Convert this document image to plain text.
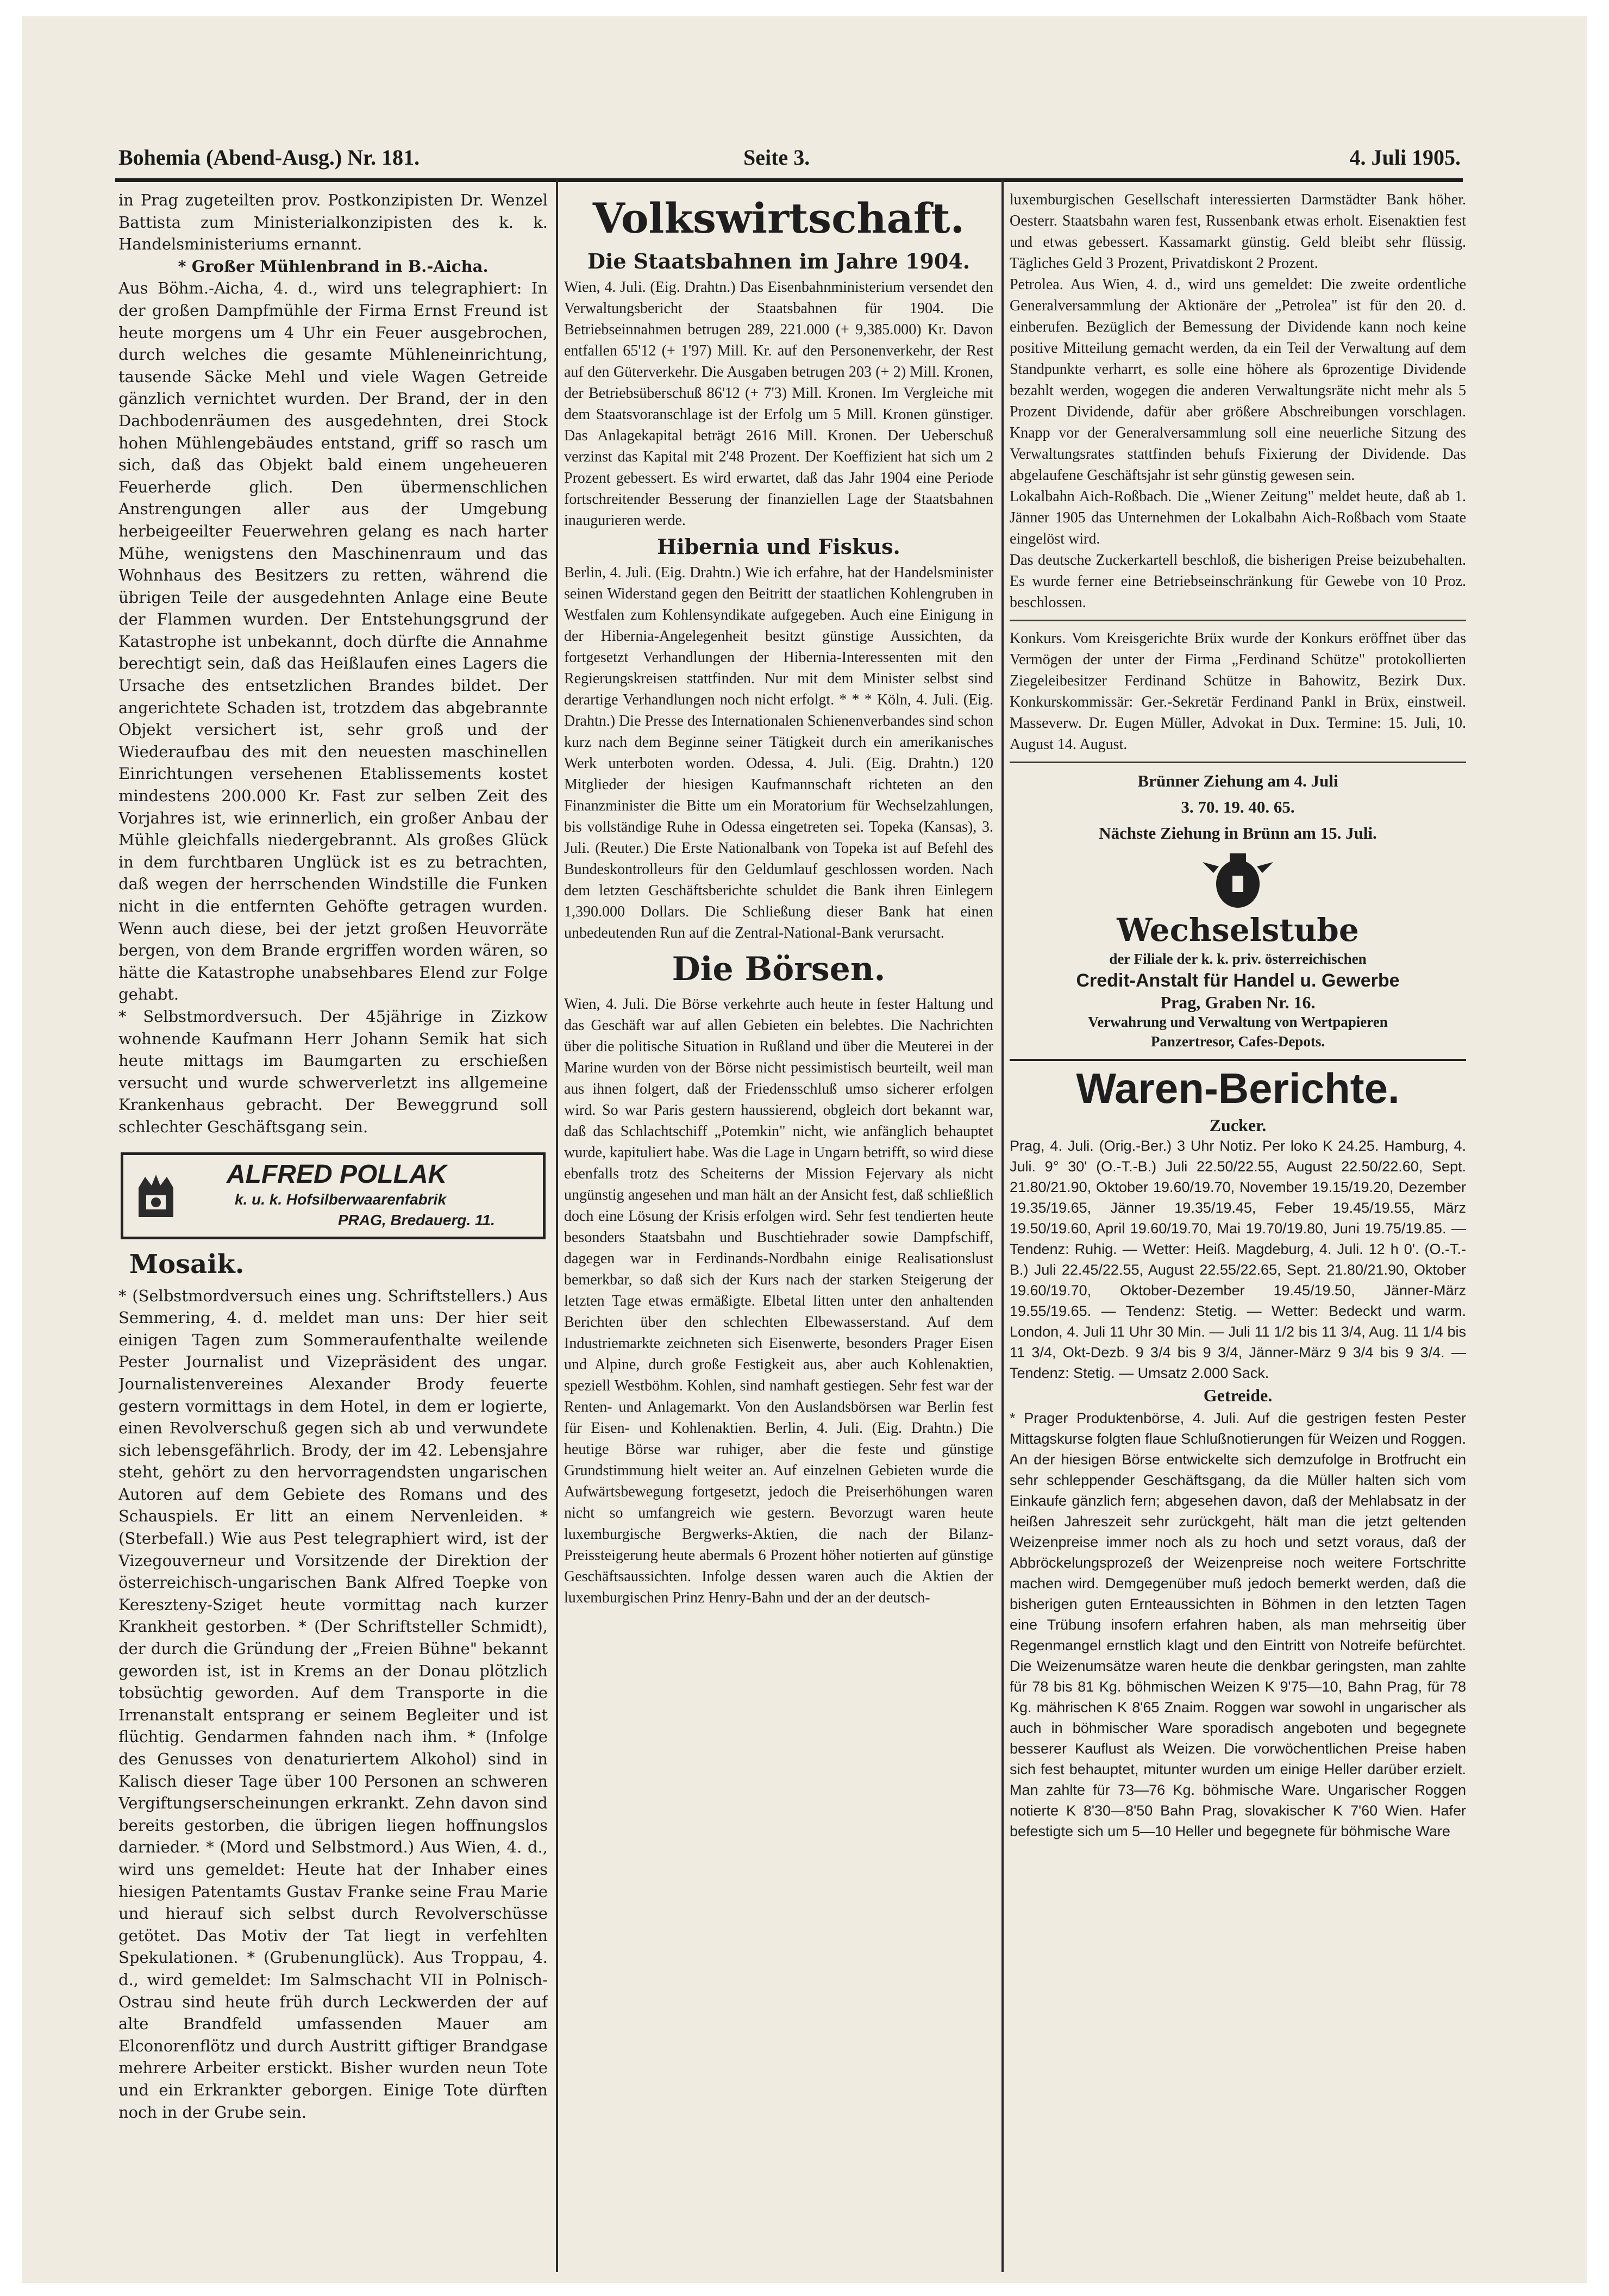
Bohemia (Abend-Ausg.) Nr. 181.	Seite 3.	4. Juli 1905.

in Prag zugeteilten prov. Postkonzipisten Dr. Wenzel Battista zum Ministerialkonzipisten des k. k. Handelsministeriums ernannt.

* Großer Mühlenbrand in B.-Aicha.

Aus Böhm.-Aicha, 4. d., wird uns telegraphiert: In der großen Dampfmühle der Firma Ernst Freund ist heute morgens um 4 Uhr ein Feuer ausgebrochen, durch welches die gesamte Mühleneinrichtung, tausende Säcke Mehl und viele Wagen Getreide gänzlich vernichtet wurden. Der Brand, der in den Dachbodenräumen des ausgedehnten, drei Stock hohen Mühlengebäudes entstand, griff so rasch um sich, daß das Objekt bald einem ungeheueren Feuerherde glich. Den übermenschlichen Anstrengungen aller aus der Umgebung herbeigeeilter Feuerwehren gelang es nach harter Mühe, wenigstens den Maschinenraum und das Wohnhaus des Besitzers zu retten, während die übrigen Teile der ausgedehnten Anlage eine Beute der Flammen wurden. Der Entstehungsgrund der Katastrophe ist unbekannt, doch dürfte die Annahme berechtigt sein, daß das Heißlaufen eines Lagers die Ursache des entsetzlichen Brandes bildet. Der angerichtete Schaden ist, trotzdem das abgebrannte Objekt versichert ist, sehr groß und der Wiederaufbau des mit den neuesten maschinellen Einrichtungen versehenen Etablissements kostet mindestens 200.000 Kr. Fast zur selben Zeit des Vorjahres ist, wie erinnerlich, ein großer Anbau der Mühle gleichfalls niedergebrannt. Als großes Glück in dem furchtbaren Unglück ist es zu betrachten, daß wegen der herrschenden Windstille die Funken nicht in die entfernten Gehöfte getragen wurden. Wenn auch diese, bei der jetzt großen Heuvorräte bergen, von dem Brande ergriffen worden wären, so hätte die Katastrophe unabsehbares Elend zur Folge gehabt.

* Selbstmordversuch. Der 45jährige in Zizkow wohnende Kaufmann Herr Johann Semik hat sich heute mittags im Baumgarten zu erschießen versucht und wurde schwerverletzt ins allgemeine Krankenhaus gebracht. Der Beweggrund soll schlechter Geschäftsgang sein.

ALFRED POLLAK
k. u. k. Hofsilberwaarenfabrik
PRAG, Bredauerg. 11.
Mosaik.

* (Selbstmordversuch eines ung. Schriftstellers.) Aus Semmering, 4. d. meldet man uns: Der hier seit einigen Tagen zum Sommeraufenthalte weilende Pester Journalist und Vizepräsident des ungar. Journalistenvereines Alexander Brody feuerte gestern vormittags in dem Hotel, in dem er logierte, einen Revolverschuß gegen sich ab und verwundete sich lebensgefährlich. Brody, der im 42. Lebensjahre steht, gehört zu den hervorragendsten ungarischen Autoren auf dem Gebiete des Romans und des Schauspiels. Er litt an einem Nervenleiden. * (Sterbefall.) Wie aus Pest telegraphiert wird, ist der Vizegouverneur und Vorsitzende der Direktion der österreichisch-ungarischen Bank Alfred Toepke von Kereszteny-Sziget heute vormittag nach kurzer Krankheit gestorben. * (Der Schriftsteller Schmidt), der durch die Gründung der „Freien Bühne" bekannt geworden ist, ist in Krems an der Donau plötzlich tobsüchtig geworden. Auf dem Transporte in die Irrenanstalt entsprang er seinem Begleiter und ist flüchtig. Gendarmen fahnden nach ihm. * (Infolge des Genusses von denaturiertem Alkohol) sind in Kalisch dieser Tage über 100 Personen an schweren Vergiftungserscheinungen erkrankt. Zehn davon sind bereits gestorben, die übrigen liegen hoffnungslos darnieder. * (Mord und Selbstmord.) Aus Wien, 4. d., wird uns gemeldet: Heute hat der Inhaber eines hiesigen Patentamts Gustav Franke seine Frau Marie und hierauf sich selbst durch Revolverschüsse getötet. Das Motiv der Tat liegt in verfehlten Spekulationen. * (Grubenunglück). Aus Troppau, 4. d., wird gemeldet: Im Salmschacht VII in Polnisch-Ostrau sind heute früh durch Leckwerden der auf alte Brandfeld umfassenden Mauer am Elconorenflötz und durch Austritt giftiger Brandgase mehrere Arbeiter erstickt. Bisher wurden neun Tote und ein Erkrankter geborgen. Einige Tote dürften noch in der Grube sein.

Volkswirtschaft.
Die Staatsbahnen im Jahre 1904.

Wien, 4. Juli. (Eig. Drahtn.) Das Eisenbahnministerium versendet den Verwaltungsbericht der Staatsbahnen für 1904. Die Betriebseinnahmen betrugen 289, 221.000 (+ 9,385.000) Kr. Davon entfallen 65'12 (+ 1'97) Mill. Kr. auf den Personenverkehr, der Rest auf den Güterverkehr. Die Ausgaben betrugen 203 (+ 2) Mill. Kronen, der Betriebsüberschuß 86'12 (+ 7'3) Mill. Kronen. Im Vergleiche mit dem Staatsvoranschlage ist der Erfolg um 5 Mill. Kronen günstiger. Das Anlagekapital beträgt 2616 Mill. Kronen. Der Ueberschuß verzinst das Kapital mit 2'48 Prozent. Der Koeffizient hat sich um 2 Prozent gebessert. Es wird erwartet, daß das Jahr 1904 eine Periode fortschreitender Besserung der finanziellen Lage der Staatsbahnen inaugurieren werde.

Hibernia und Fiskus.

Berlin, 4. Juli. (Eig. Drahtn.) Wie ich erfahre, hat der Handelsminister seinen Widerstand gegen den Beitritt der staatlichen Kohlengruben in Westfalen zum Kohlensyndikate aufgegeben. Auch eine Einigung in der Hibernia-Angelegenheit besitzt günstige Aussichten, da fortgesetzt Verhandlungen der Hibernia-Interessenten mit den Regierungskreisen stattfinden. Nur mit dem Minister selbst sind derartige Verhandlungen noch nicht erfolgt. * * * Köln, 4. Juli. (Eig. Drahtn.) Die Presse des Internationalen Schienenverbandes sind schon kurz nach dem Beginne seiner Tätigkeit durch ein amerikanisches Werk unterboten worden. Odessa, 4. Juli. (Eig. Drahtn.) 120 Mitglieder der hiesigen Kaufmannschaft richteten an den Finanzminister die Bitte um ein Moratorium für Wechselzahlungen, bis vollständige Ruhe in Odessa eingetreten sei. Topeka (Kansas), 3. Juli. (Reuter.) Die Erste Nationalbank von Topeka ist auf Befehl des Bundeskontrolleurs für den Geldumlauf geschlossen worden. Nach dem letzten Geschäftsberichte schuldet die Bank ihren Einlegern 1,390.000 Dollars. Die Schließung dieser Bank hat einen unbedeutenden Run auf die Zentral-National-Bank verursacht.

Die Börsen.

Wien, 4. Juli. Die Börse verkehrte auch heute in fester Haltung und das Geschäft war auf allen Gebieten ein belebtes. Die Nachrichten über die politische Situation in Rußland und über die Meuterei in der Marine wurden von der Börse nicht pessimistisch beurteilt, weil man aus ihnen folgert, daß der Friedensschluß umso sicherer erfolgen wird. So war Paris gestern haussierend, obgleich dort bekannt war, daß das Schlachtschiff „Potemkin" nicht, wie anfänglich behauptet wurde, kapituliert habe. Was die Lage in Ungarn betrifft, so wird diese ebenfalls trotz des Scheiterns der Mission Fejervary als nicht ungünstig angesehen und man hält an der Ansicht fest, daß schließlich doch eine Lösung der Krisis erfolgen wird. Sehr fest tendierten heute besonders Staatsbahn und Buschtiehrader sowie Dampfschiff, dagegen war in Ferdinands-Nordbahn einige Realisationslust bemerkbar, so daß sich der Kurs nach der starken Steigerung der letzten Tage etwas ermäßigte. Elbetal litten unter den anhaltenden Berichten über den schlechten Elbewasserstand. Auf dem Industriemarkte zeichneten sich Eisenwerte, besonders Prager Eisen und Alpine, durch große Festigkeit aus, aber auch Kohlenaktien, speziell Westböhm. Kohlen, sind namhaft gestiegen. Sehr fest war der Renten- und Anlagemarkt. Von den Auslandsbörsen war Berlin fest für Eisen- und Kohlenaktien. Berlin, 4. Juli. (Eig. Drahtn.) Die heutige Börse war ruhiger, aber die feste und günstige Grundstimmung hielt weiter an. Auf einzelnen Gebieten wurde die Aufwärtsbewegung fortgesetzt, jedoch die Preiserhöhungen waren nicht so umfangreich wie gestern. Bevorzugt waren heute luxemburgische Bergwerks-Aktien, die nach der Bilanz-Preissteigerung heute abermals 6 Prozent höher notierten auf günstige Geschäftsaussichten. Infolge dessen waren auch die Aktien der luxemburgischen Prinz Henry-Bahn und der an der deutsch-

luxemburgischen Gesellschaft interessierten Darmstädter Bank höher. Oesterr. Staatsbahn waren fest, Russenbank etwas erholt. Eisenaktien fest und etwas gebessert. Kassamarkt günstig. Geld bleibt sehr flüssig. Tägliches Geld 3 Prozent, Privatdiskont 2 Prozent.

Petrolea. Aus Wien, 4. d., wird uns gemeldet: Die zweite ordentliche Generalversammlung der Aktionäre der „Petrolea" ist für den 20. d. einberufen. Bezüglich der Bemessung der Dividende kann noch keine positive Mitteilung gemacht werden, da ein Teil der Verwaltung auf dem Standpunkte verharrt, es solle eine höhere als 6prozentige Dividende bezahlt werden, wogegen die anderen Verwaltungsräte nicht mehr als 5 Prozent Dividende, dafür aber größere Abschreibungen vorschlagen. Knapp vor der Generalversammlung soll eine neuerliche Sitzung des Verwaltungsrates stattfinden behufs Fixierung der Dividende. Das abgelaufene Geschäftsjahr ist sehr günstig gewesen sein.

Lokalbahn Aich-Roßbach. Die „Wiener Zeitung" meldet heute, daß ab 1. Jänner 1905 das Unternehmen der Lokalbahn Aich-Roßbach vom Staate eingelöst wird.

Das deutsche Zuckerkartell beschloß, die bisherigen Preise beizubehalten. Es wurde ferner eine Betriebseinschränkung für Gewebe von 10 Proz. beschlossen.

Konkurs. Vom Kreisgerichte Brüx wurde der Konkurs eröffnet über das Vermögen der unter der Firma „Ferdinand Schütze" protokollierten Ziegeleibesitzer Ferdinand Schütze in Bahowitz, Bezirk Dux. Konkurskommissär: Ger.-Sekretär Ferdinand Pankl in Brüx, einstweil. Masseverw. Dr. Eugen Müller, Advokat in Dux. Termine: 15. Juli, 10. August 14. August.

Brünner Ziehung am 4. Juli
3. 70. 19. 40. 65.
Nächste Ziehung in Brünn am 15. Juli.
Wechselstube
der Filiale der k. k. priv. österreichischen
Credit-Anstalt für Handel u. Gewerbe
Prag, Graben Nr. 16.
Verwahrung und Verwaltung von Wertpapieren
Panzertresor, Cafes-Depots.
Waren-Berichte.
Zucker.

Prag, 4. Juli. (Orig.-Ber.) 3 Uhr Notiz. Per loko K 24.25. Hamburg, 4. Juli. 9° 30' (O.-T.-B.) Juli 22.50/22.55, August 22.50/22.60, Sept. 21.80/21.90, Oktober 19.60/19.70, November 19.15/19.20, Dezember 19.35/19.65, Jänner 19.35/19.45, Feber 19.45/19.55, März 19.50/19.60, April 19.60/19.70, Mai 19.70/19.80, Juni 19.75/19.85. — Tendenz: Ruhig. — Wetter: Heiß. Magdeburg, 4. Juli. 12 h 0'. (O.-T.-B.) Juli 22.45/22.55, August 22.55/22.65, Sept. 21.80/21.90, Oktober 19.60/19.70, Oktober-Dezember 19.45/19.50, Jänner-März 19.55/19.65. — Tendenz: Stetig. — Wetter: Bedeckt und warm. London, 4. Juli 11 Uhr 30 Min. — Juli 11 1/2 bis 11 3/4, Aug. 11 1/4 bis 11 3/4, Okt-Dezb. 9 3/4 bis 9 3/4, Jänner-März 9 3/4 bis 9 3/4. — Tendenz: Stetig. — Umsatz 2.000 Sack.

Getreide.

* Prager Produktenbörse, 4. Juli. Auf die gestrigen festen Pester Mittagskurse folgten flaue Schlußnotierungen für Weizen und Roggen. An der hiesigen Börse entwickelte sich demzufolge in Brotfrucht ein sehr schleppender Geschäftsgang, da die Müller halten sich vom Einkaufe gänzlich fern; abgesehen davon, daß der Mehlabsatz in der heißen Jahreszeit sehr zurückgeht, hält man die jetzt geltenden Weizenpreise immer noch als zu hoch und setzt voraus, daß der Abbröckelungsprozeß der Weizenpreise noch weitere Fortschritte machen wird. Demgegenüber muß jedoch bemerkt werden, daß die bisherigen guten Ernteaussichten in Böhmen in den letzten Tagen eine Trübung insofern erfahren haben, als man mehrseitig über Regenmangel ernstlich klagt und den Eintritt von Notreife befürchtet. Die Weizenumsätze waren heute die denkbar geringsten, man zahlte für 78 bis 81 Kg. böhmischen Weizen K 9'75—10, Bahn Prag, für 78 Kg. mährischen K 8'65 Znaim. Roggen war sowohl in ungarischer als auch in böhmischer Ware sporadisch angeboten und begegnete besserer Kauflust als Weizen. Die vorwöchentlichen Preise haben sich fest behauptet, mitunter wurden um einige Heller darüber erzielt. Man zahlte für 73—76 Kg. böhmische Ware. Ungarischer Roggen notierte K 8'30—8'50 Bahn Prag, slovakischer K 7'60 Wien. Hafer befestigte sich um 5—10 Heller und begegnete für böhmische Ware
